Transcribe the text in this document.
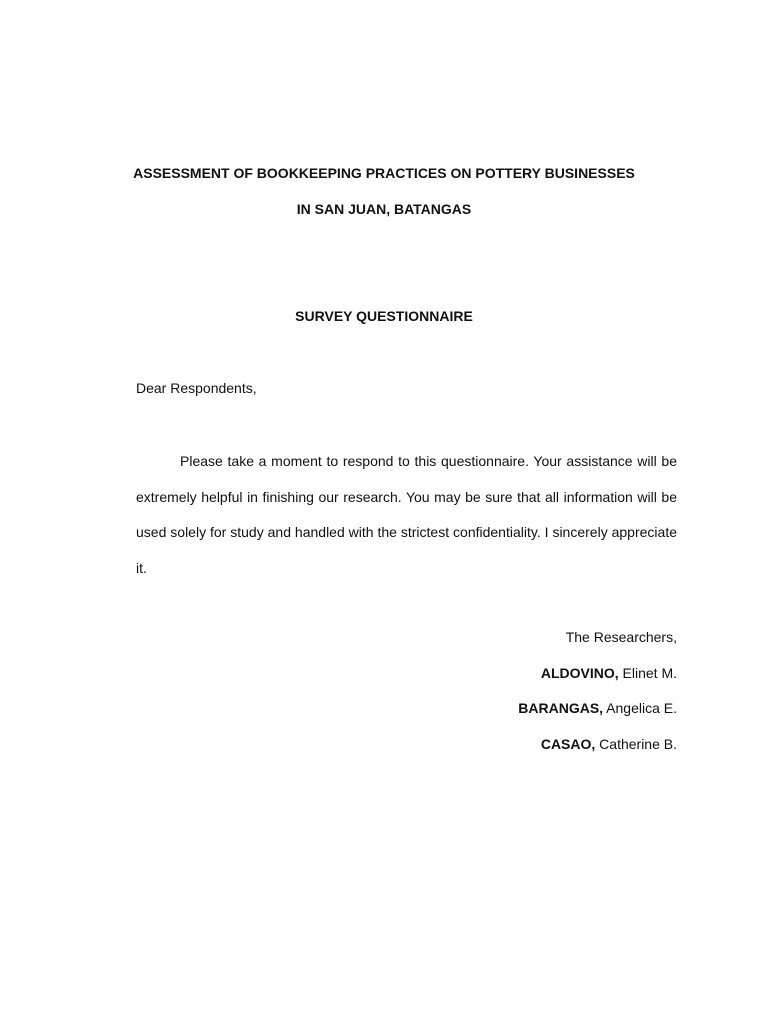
ASSESSMENT OF BOOKKEEPING PRACTICES ON POTTERY BUSINESSES
IN SAN JUAN, BATANGAS
SURVEY QUESTIONNAIRE
Dear Respondents,

Please take a moment to respond to this questionnaire. Your assistance will be extremely helpful in finishing our research. You may be sure that all information will be used solely for study and handled with the strictest confidentiality. I sincerely appreciate it.

The Researchers,
ALDOVINO, Elinet M.
BARANGAS, Angelica E.
CASAO, Catherine B.
